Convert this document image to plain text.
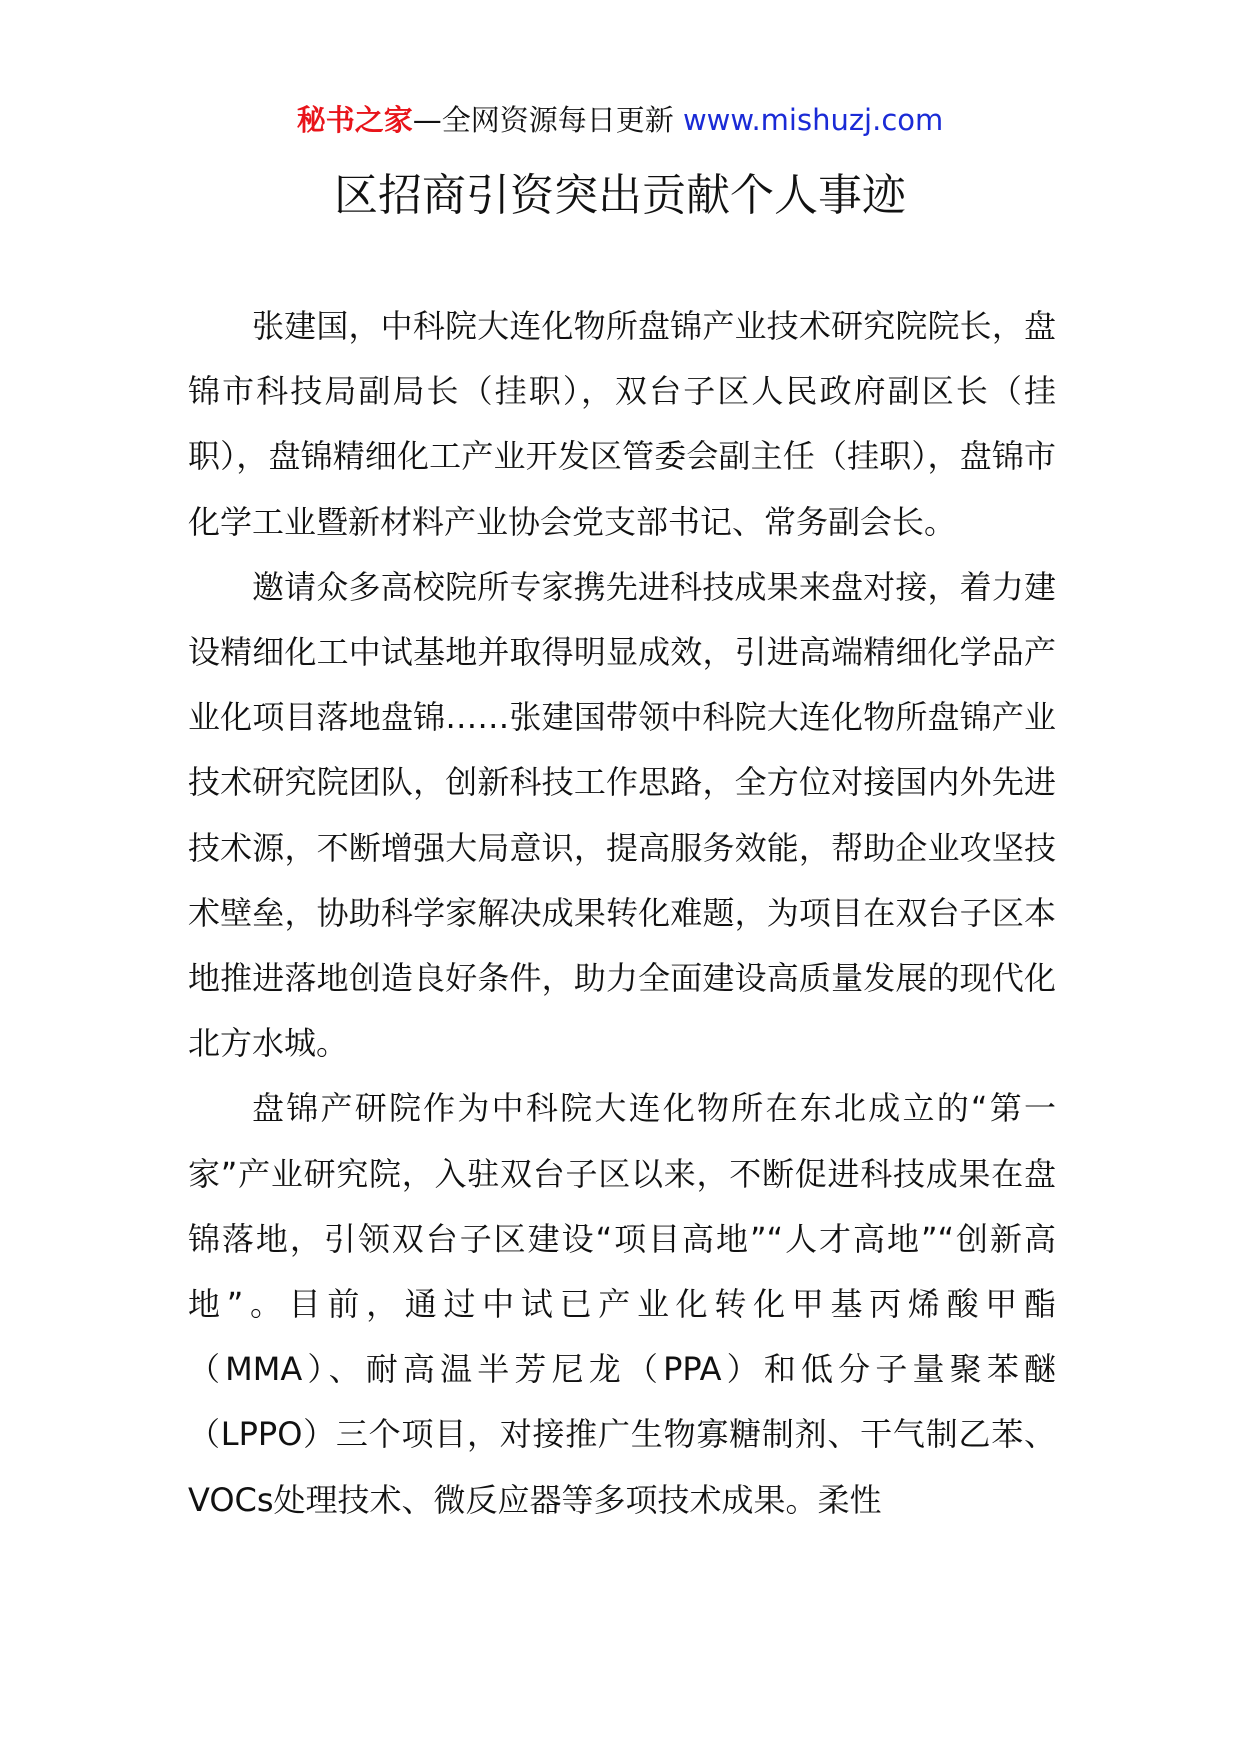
秘书之家—全网资源每日更新 www.mishuzj.com
区招商引资突出贡献个人事迹

张建国，中科院大连化物所盘锦产业技术研究院院长，盘锦市科技局副局长（挂职），双台子区人民政府副区长（挂职），盘锦精细化工产业开发区管委会副主任（挂职），盘锦市化学工业暨新材料产业协会党支部书记、常务副会长。

邀请众多高校院所专家携先进科技成果来盘对接，着力建设精细化工中试基地并取得明显成效，引进高端精细化学品产业化项目落地盘锦……张建国带领中科院大连化物所盘锦产业技术研究院团队，创新科技工作思路，全方位对接国内外先进技术源，不断增强大局意识，提高服务效能，帮助企业攻坚技术壁垒，协助科学家解决成果转化难题，为项目在双台子区本地推进落地创造良好条件，助力全面建设高质量发展的现代化北方水城。

盘锦产研院作为中科院大连化物所在东北成立的“第一家”产业研究院，入驻双台子区以来，不断促进科技成果在盘锦落地，引领双台子区建设“项目高地”“人才高地”“创新高地”。目前，通过中试已产业化转化甲基丙烯酸甲酯（MMA）、耐高温半芳尼龙（PPA）和低分子量聚苯醚（LPPO）三个项目，对接推广生物寡糖制剂、干气制乙苯、VOCs处理技术、微反应器等多项技术成果。柔性
